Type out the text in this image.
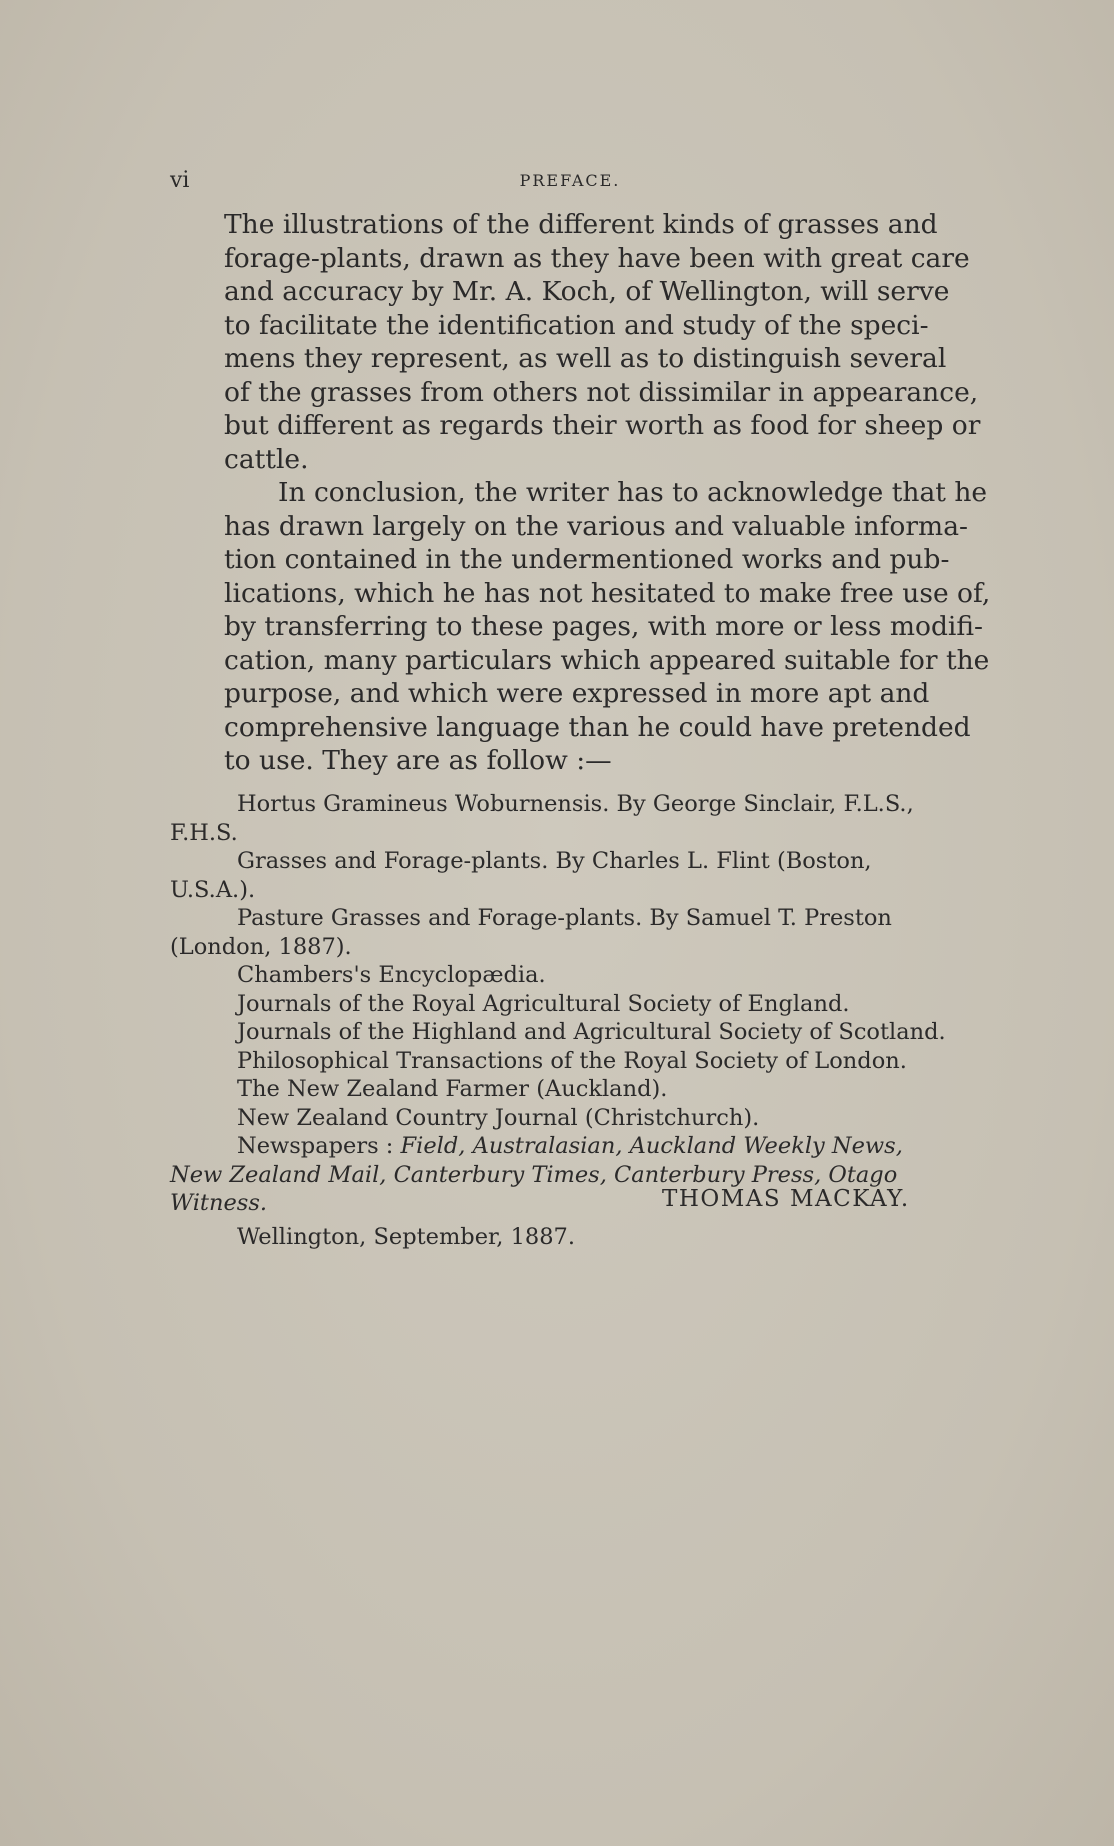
vi	PREFACE.

The illustrations of the different kinds of grasses and
forage-plants, drawn as they have been with great care
and accuracy by Mr. A. Koch, of Wellington, will serve
to facilitate the identification and study of the speci-
mens they represent, as well as to distinguish several
of the grasses from others not dissimilar in appearance,
but different as regards their worth as food for sheep or
cattle.

In conclusion, the writer has to acknowledge that he
has drawn largely on the various and valuable informa-
tion contained in the undermentioned works and pub-
lications, which he has not hesitated to make free use of,
by transferring to these pages, with more or less modifi-
cation, many particulars which appeared suitable for the
purpose, and which were expressed in more apt and
comprehensive language than he could have pretended
to use. They are as follow :—

Hortus Gramineus Woburnensis. By George Sinclair, F.L.S.,
F.H.S.
Grasses and Forage-plants. By Charles L. Flint (Boston,
U.S.A.).
Pasture Grasses and Forage-plants. By Samuel T. Preston
(London, 1887).
Chambers's Encyclopædia.
Journals of the Royal Agricultural Society of England.
Journals of the Highland and Agricultural Society of Scotland.
Philosophical Transactions of the Royal Society of London.
The New Zealand Farmer (Auckland).
New Zealand Country Journal (Christchurch).
Newspapers : Field, Australasian, Auckland Weekly News,
New Zealand Mail, Canterbury Times, Canterbury Press, Otago
Witness.	THOMAS MACKAY.
Wellington, September, 1887.
